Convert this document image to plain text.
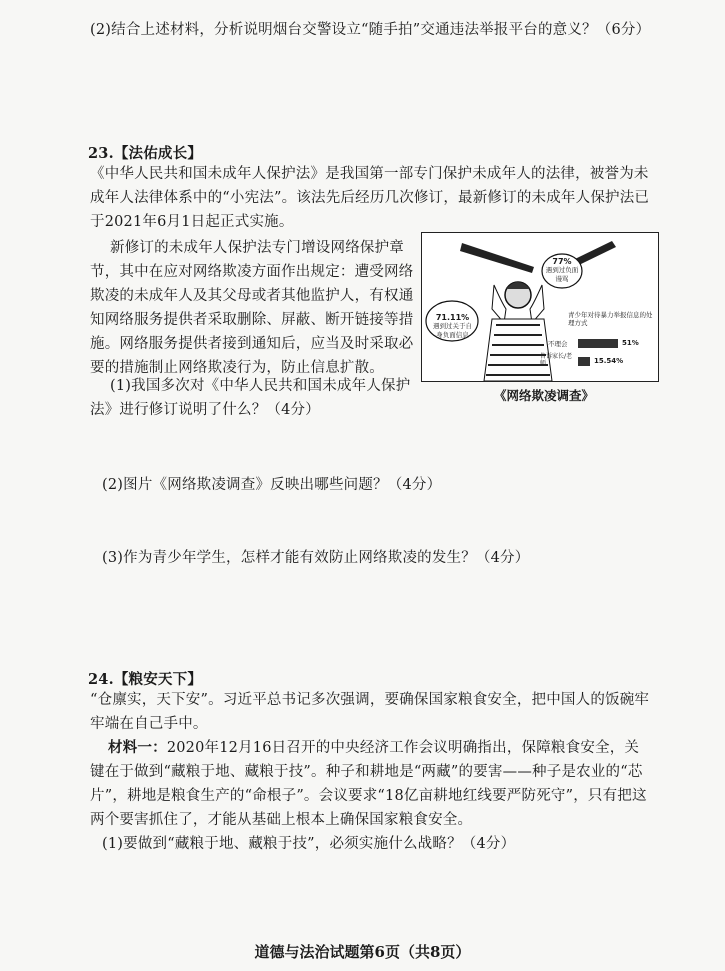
(2)结合上述材料，分析说明烟台交警设立“随手拍”交通违法举报平台的意义？（6分）
23.【法佑成长】
《中华人民共和国未成年人保护法》是我国第一部专门保护未成年人的法律，被誉为未成年人法律体系中的“小宪法”。该法先后经历几次修订，最新修订的未成年人保护法已于2021年6月1日起正式实施。
新修订的未成年人保护法专门增设网络保护章节，其中在应对网络欺凌方面作出规定：遭受网络欺凌的未成年人及其父母或者其他监护人，有权通知网络服务提供者采取删除、屏蔽、断开链接等措施。网络服务提供者接到通知后，应当及时采取必要的措施制止网络欺凌行为，防止信息扩散。
(1)我国多次对《中华人民共和国未成年人保护法》进行修订说明了什么？（4分）
71.11%
遇到过关于自身负面信息
77%
遇到过负面谩骂
青少年对待暴力举报信息的处理方式
不理会	51%
告诉家长/老师	15.54%
《网络欺凌调查》
(2)图片《网络欺凌调查》反映出哪些问题？（4分）
(3)作为青少年学生，怎样才能有效防止网络欺凌的发生？（4分）
24.【粮安天下】
“仓廪实，天下安”。习近平总书记多次强调，要确保国家粮食安全，把中国人的饭碗牢牢端在自己手中。
材料一：2020年12月16日召开的中央经济工作会议明确指出，保障粮食安全，关键在于做到“藏粮于地、藏粮于技”。种子和耕地是“两藏”的要害——种子是农业的“芯片”，耕地是粮食生产的“命根子”。会议要求“18亿亩耕地红线要严防死守”，只有把这两个要害抓住了，才能从基础上根本上确保国家粮食安全。
(1)要做到“藏粮于地、藏粮于技”，必须实施什么战略？（4分）
道德与法治试题第6页（共8页）
